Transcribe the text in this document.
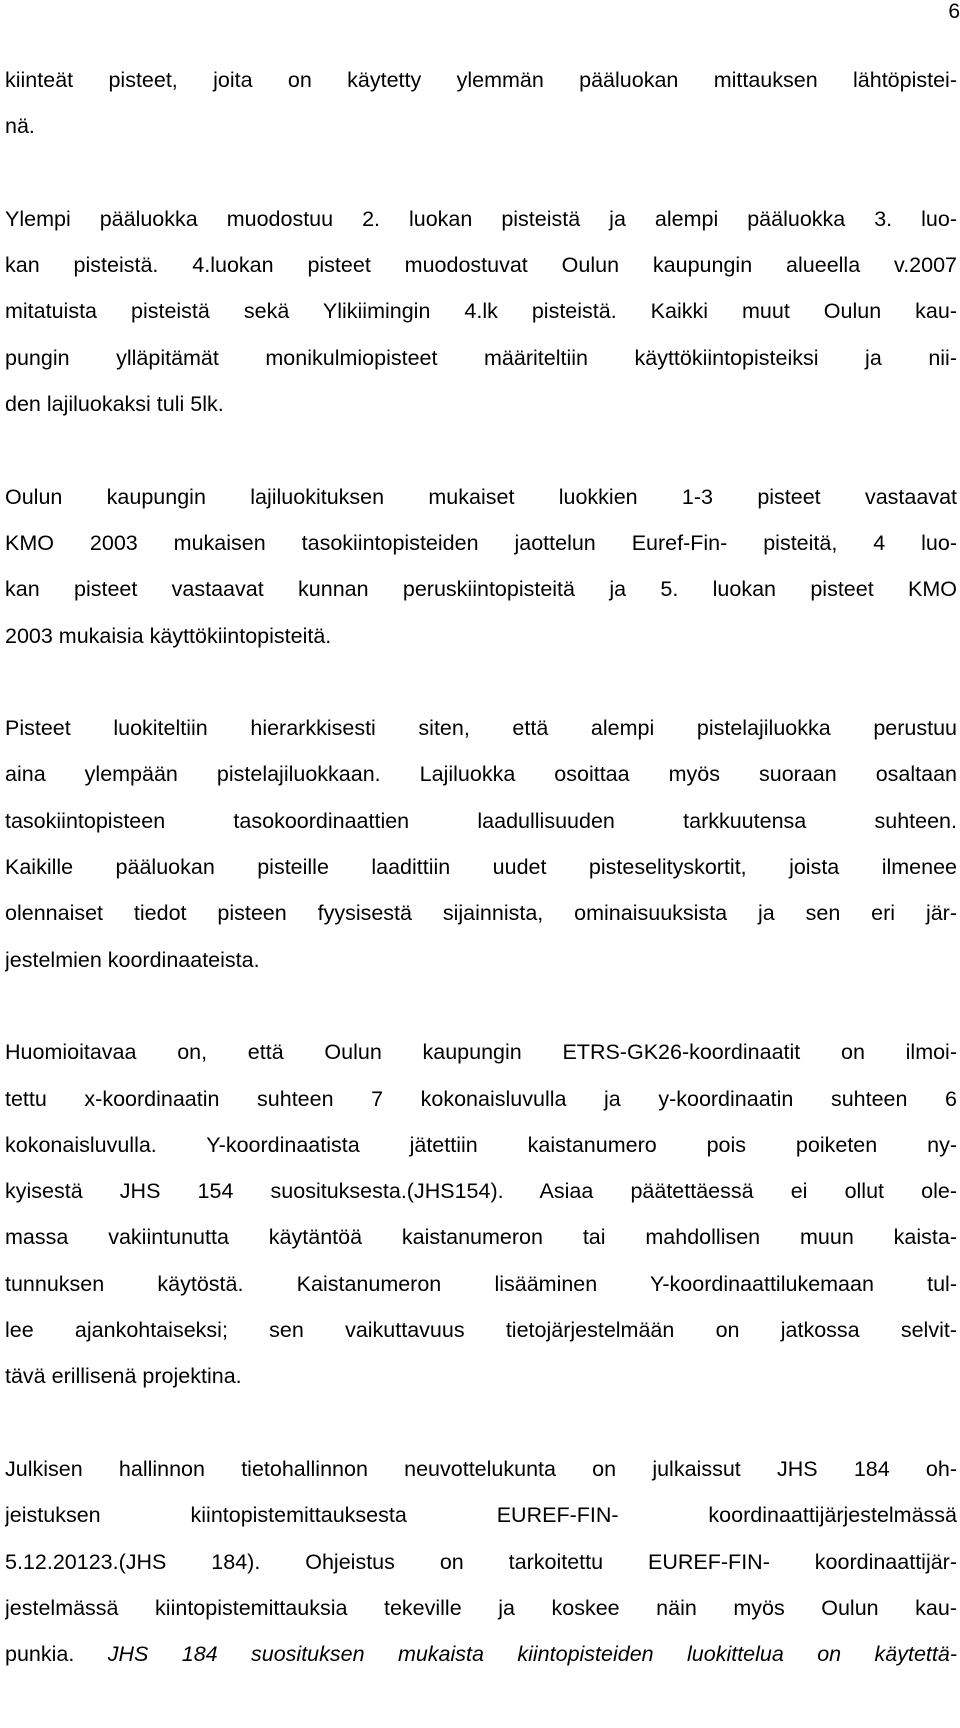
6
kiinteät pisteet, joita on käytetty ylemmän pääluokan mittauksen lähtöpistei-
nä.
Ylempi pääluokka muodostuu 2. luokan pisteistä ja alempi pääluokka 3. luo-
kan pisteistä. 4.luokan pisteet muodostuvat Oulun kaupungin alueella v.2007
mitatuista pisteistä sekä Ylikiimingin 4.lk pisteistä. Kaikki muut Oulun kau-
pungin ylläpitämät monikulmiopisteet määriteltiin käyttökiintopisteiksi ja nii-
den lajiluokaksi tuli 5lk.
Oulun kaupungin lajiluokituksen mukaiset luokkien 1-3 pisteet vastaavat
KMO 2003 mukaisen tasokiintopisteiden jaottelun Euref-Fin- pisteitä, 4 luo-
kan pisteet vastaavat kunnan peruskiintopisteitä ja 5. luokan pisteet KMO
2003 mukaisia käyttökiintopisteitä.
Pisteet luokiteltiin hierarkkisesti siten, että alempi pistelajiluokka perustuu
aina ylempään pistelajiluokkaan. Lajiluokka osoittaa myös suoraan osaltaan
tasokiintopisteen tasokoordinaattien laadullisuuden tarkkuutensa suhteen.
Kaikille pääluokan pisteille laadittiin uudet pisteselityskortit, joista ilmenee
olennaiset tiedot pisteen fyysisestä sijainnista, ominaisuuksista ja sen eri jär-
jestelmien koordinaateista.
Huomioitavaa on, että Oulun kaupungin ETRS-GK26-koordinaatit on ilmoi-
tettu x-koordinaatin suhteen 7 kokonaisluvulla ja y-koordinaatin suhteen 6
kokonaisluvulla. Y-koordinaatista jätettiin kaistanumero pois poiketen ny-
kyisestä JHS 154 suosituksesta.(JHS154). Asiaa päätettäessä ei ollut ole-
massa vakiintunutta käytäntöä kaistanumeron tai mahdollisen muun kaista-
tunnuksen käytöstä. Kaistanumeron lisääminen Y-koordinaattilukemaan tul-
lee ajankohtaiseksi; sen vaikuttavuus tietojärjestelmään on jatkossa selvit-
tävä erillisenä projektina.
Julkisen hallinnon tietohallinnon neuvottelukunta on julkaissut JHS 184 oh-
jeistuksen kiintopistemittauksesta EUREF-FIN- koordinaattijärjestelmässä
5.12.20123.(JHS 184). Ohjeistus on tarkoitettu EUREF-FIN- koordinaattijär-
jestelmässä kiintopistemittauksia tekeville ja koskee näin myös Oulun kau-
punkia. JHS 184 suosituksen mukaista kiintopisteiden luokittelua on käytettä-
